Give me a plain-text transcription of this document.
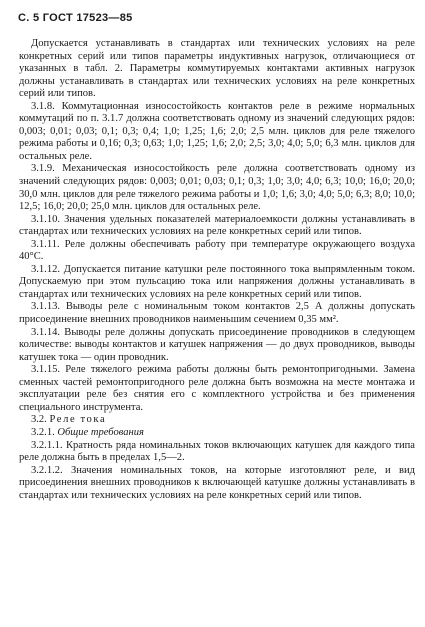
С. 5 ГОСТ 17523—85

Допускается устанавливать в стандартах или технических условиях на реле конкретных серий или типов параметры индуктивных нагрузок, отличающиеся от указанных в табл. 2. Параметры коммутируемых контактами активных нагрузок должны устанавливать в стандартах или технических условиях на реле конкретных серий или типов.

3.1.8. Коммутационная износостойкость контактов реле в режиме нормальных коммутаций по п. 3.1.7 должна соответствовать одному из значений следующих рядов: 0,003; 0,01; 0,03; 0,1; 0,3; 0,4; 1,0; 1,25; 1,6; 2,0; 2,5 млн. циклов для реле тяжелого режима работы и 0,16; 0,3; 0,63; 1,0; 1,25; 1,6; 2,0; 2,5; 3,0; 4,0; 5,0; 6,3 млн. циклов для остальных реле.

3.1.9. Механическая износостойкость реле должна соответствовать одному из значений следующих рядов: 0,003; 0,01; 0,03; 0,1; 0,3; 1,0; 3,0; 4,0; 6,3; 10,0; 16,0; 20,0; 30,0 млн. циклов для реле тяжелого режима работы и 1,0; 1,6; 3,0; 4,0; 5,0; 6,3; 8,0; 10,0; 12,5; 16,0; 20,0; 25,0 млн. циклов для остальных реле.

3.1.10. Значения удельных показателей материалоемкости должны устанавливать в стандартах или технических условиях на реле конкретных серий или типов.

3.1.11. Реле должны обеспечивать работу при температуре окружающего воздуха 40°С.

3.1.12. Допускается питание катушки реле постоянного тока выпрямленным током. Допускаемую при этом пульсацию тока или напряжения должны устанавливать в стандартах или технических условиях на реле конкретных серий или типов.

3.1.13. Выводы реле с номинальным током контактов 2,5 А должны допускать присоединение внешних проводников наименьшим сечением 0,35 мм².

3.1.14. Выводы реле должны допускать присоединение проводников в следующем количестве: выводы контактов и катушек напряжения — до двух проводников, выводы катушек тока — один проводник.

3.1.15. Реле тяжелого режима работы должны быть ремонтопригодными. Замена сменных частей ремонтопригодного реле должна быть возможна на месте монтажа и эксплуатации реле без снятия его с комплектного устройства и без применения специального инструмента.

3.2. Реле тока

3.2.1. Общие требования

3.2.1.1. Кратность ряда номинальных токов включающих катушек для каждого типа реле должна быть в пределах 1,5—2.

3.2.1.2. Значения номинальных токов, на которые изготовляют реле, и вид присоединения внешних проводников к включающей катушке должны устанавливать в стандартах или технических условиях на реле конкретных серий или типов.
